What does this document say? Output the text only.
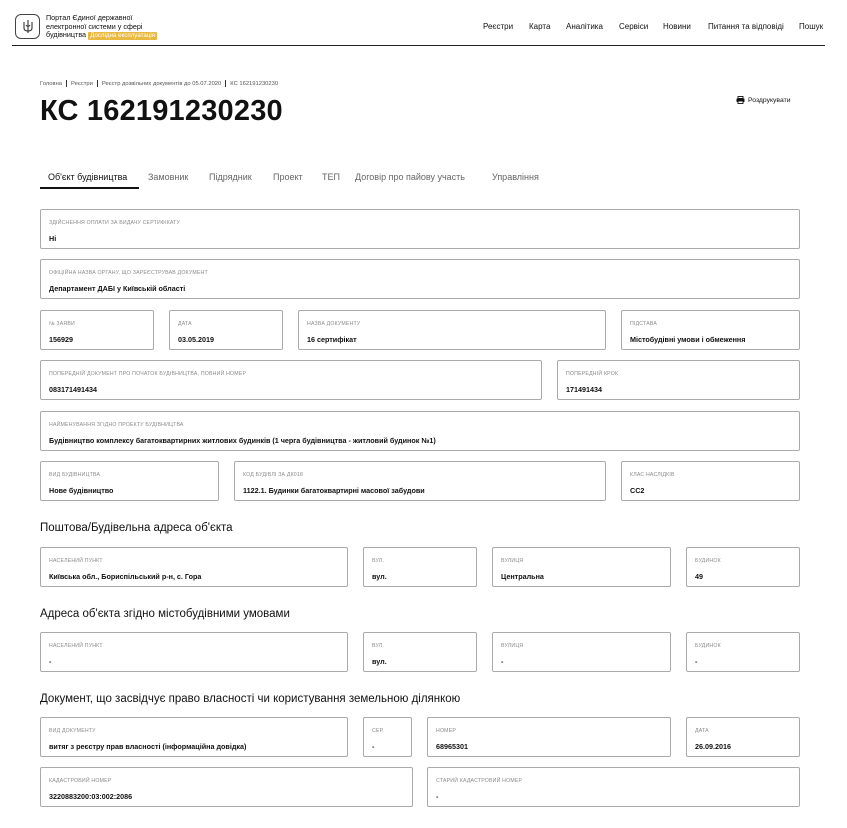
Портал Єдиної державної
електронної системи у сфері
будівництва Дослідна експлуатація
Реєстри Карта Аналітика Сервіси Новини Питання та відповіді Пошук
Головна Реєстри Реєстр дозвільних документів до 05.07.2020 КС 162191230230
КС 162191230230	Роздрукувати
Об'єкт будівництва Замовник Підрядник Проект ТЕП Договір про пайову участь	Управління
ЗДІЙСНЕННЯ ОПЛАТИ ЗА ВИДАЧУ СЕРТИФІКАТУ
Ні
ОФІЦІЙНА НАЗВА ОРГАНУ, ЩО ЗАРЕЄСТРУВАВ ДОКУМЕНТ
Департамент ДАБІ у Київській області
№ ЗАЯВИ
156929
ДАТА
03.05.2019
НАЗВА ДОКУМЕНТУ
16 сертифікат
ПІДСТАВА
Містобудівні умови і обмеження
ПОПЕРЕДНІЙ ДОКУМЕНТ ПРО ПОЧАТОК БУДІВНИЦТВА, ПОВНИЙ НОМЕР
083171491434
ПОПЕРЕДНІЙ КРОК
171491434
НАЙМЕНУВАННЯ ЗГІДНО ПРОЕКТУ БУДІВНИЦТВА
Будівництво комплексу багатоквартирних житлових будинків (1 черга будівництва - житловий будинок №1)
ВИД БУДІВНИЦТВА
Нове будівництво
КОД БУДІВЛІ ЗА ДК018
1122.1. Будинки багатоквартирні масової забудови
КЛАС НАСЛІДКІВ
СС2
Поштова/Будівельна адреса об'єкта
НАСЕЛЕНИЙ ПУНКТ
Київська обл., Бориспільський р-н, с. Гора
ВУЛ.
вул.
ВУЛИЦЯ
Центральна
БУДИНОК
49
Адреса об'єкта згідно містобудівними умовами
НАСЕЛЕНИЙ ПУНКТ
-
ВУЛ.
вул.
ВУЛИЦЯ
-
БУДИНОК
-
Документ, що засвідчує право власності чи користування земельною ділянкою
ВИД ДОКУМЕНТУ
витяг з реєстру прав власності (інформаційна довідка)
СЕР.
-
НОМЕР
68965301
ДАТА
26.09.2016
КАДАСТРОВИЙ НОМЕР
3220883200:03:002:2086
СТАРИЙ КАДАСТРОВИЙ НОМЕР
-
